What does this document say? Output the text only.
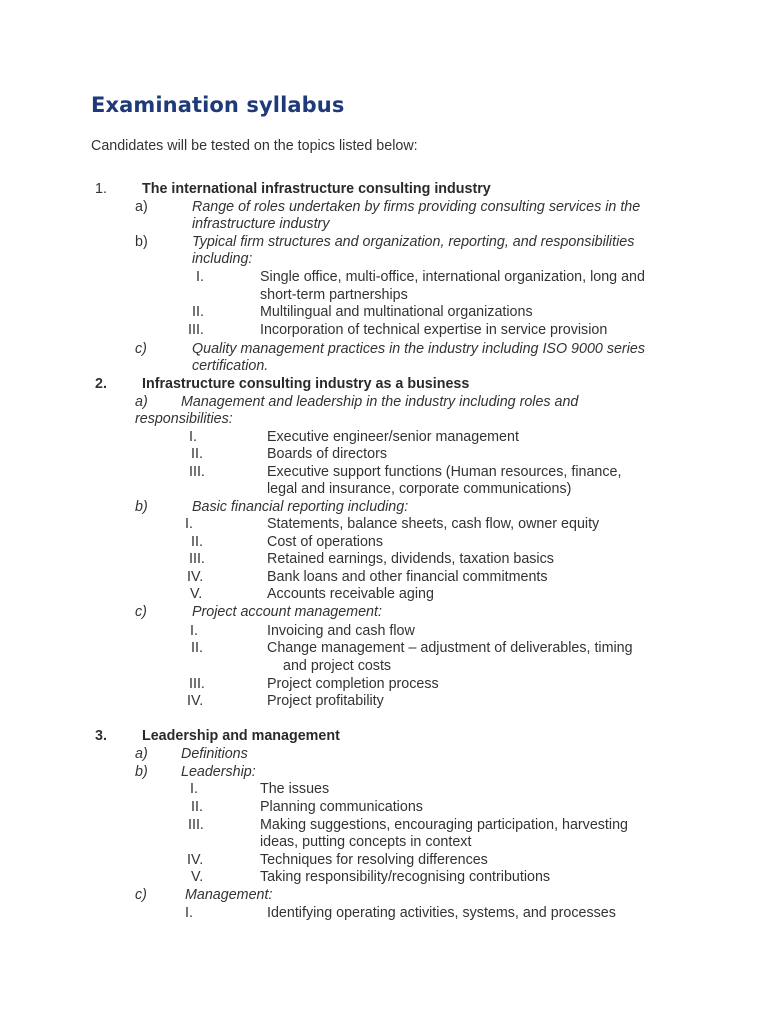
Examination syllabus
Candidates will be tested on the topics listed below:
1. The international infrastructure consulting industry
a)	Range of roles undertaken by firms providing consulting services in the
infrastructure industry
b)	Typical firm structures and organization, reporting, and responsibilities
including:
I.	Single office, multi-office, international organization, long and
short-term partnerships
II.	Multilingual and multinational organizations
III.	Incorporation of technical expertise in service provision
c)	Quality management practices in the industry including ISO 9000 series
certification.
2. Infrastructure consulting industry as a business
a) Management and leadership in the industry including roles and
responsibilities:
I.	Executive engineer/senior management
II.	Boards of directors
III.	Executive support functions (Human resources, finance,
legal and insurance, corporate communications)
b)	Basic financial reporting including:
I.	Statements, balance sheets, cash flow, owner equity
II.	Cost of operations
III.	Retained earnings, dividends, taxation basics
IV.	Bank loans and other financial commitments
V.	Accounts receivable aging
c)	Project account management:
I.	Invoicing and cash flow
II.	Change management – adjustment of deliverables, timing
and project costs
III.	Project completion process
IV.	Project profitability
3. Leadership and management
a) Definitions
b) Leadership:
I.	The issues
II.	Planning communications
III.	Making suggestions, encouraging participation, harvesting
ideas, putting concepts in context
IV.	Techniques for resolving differences
V.	Taking responsibility/recognising contributions
c)	Management:
I.	Identifying operating activities, systems, and processes
